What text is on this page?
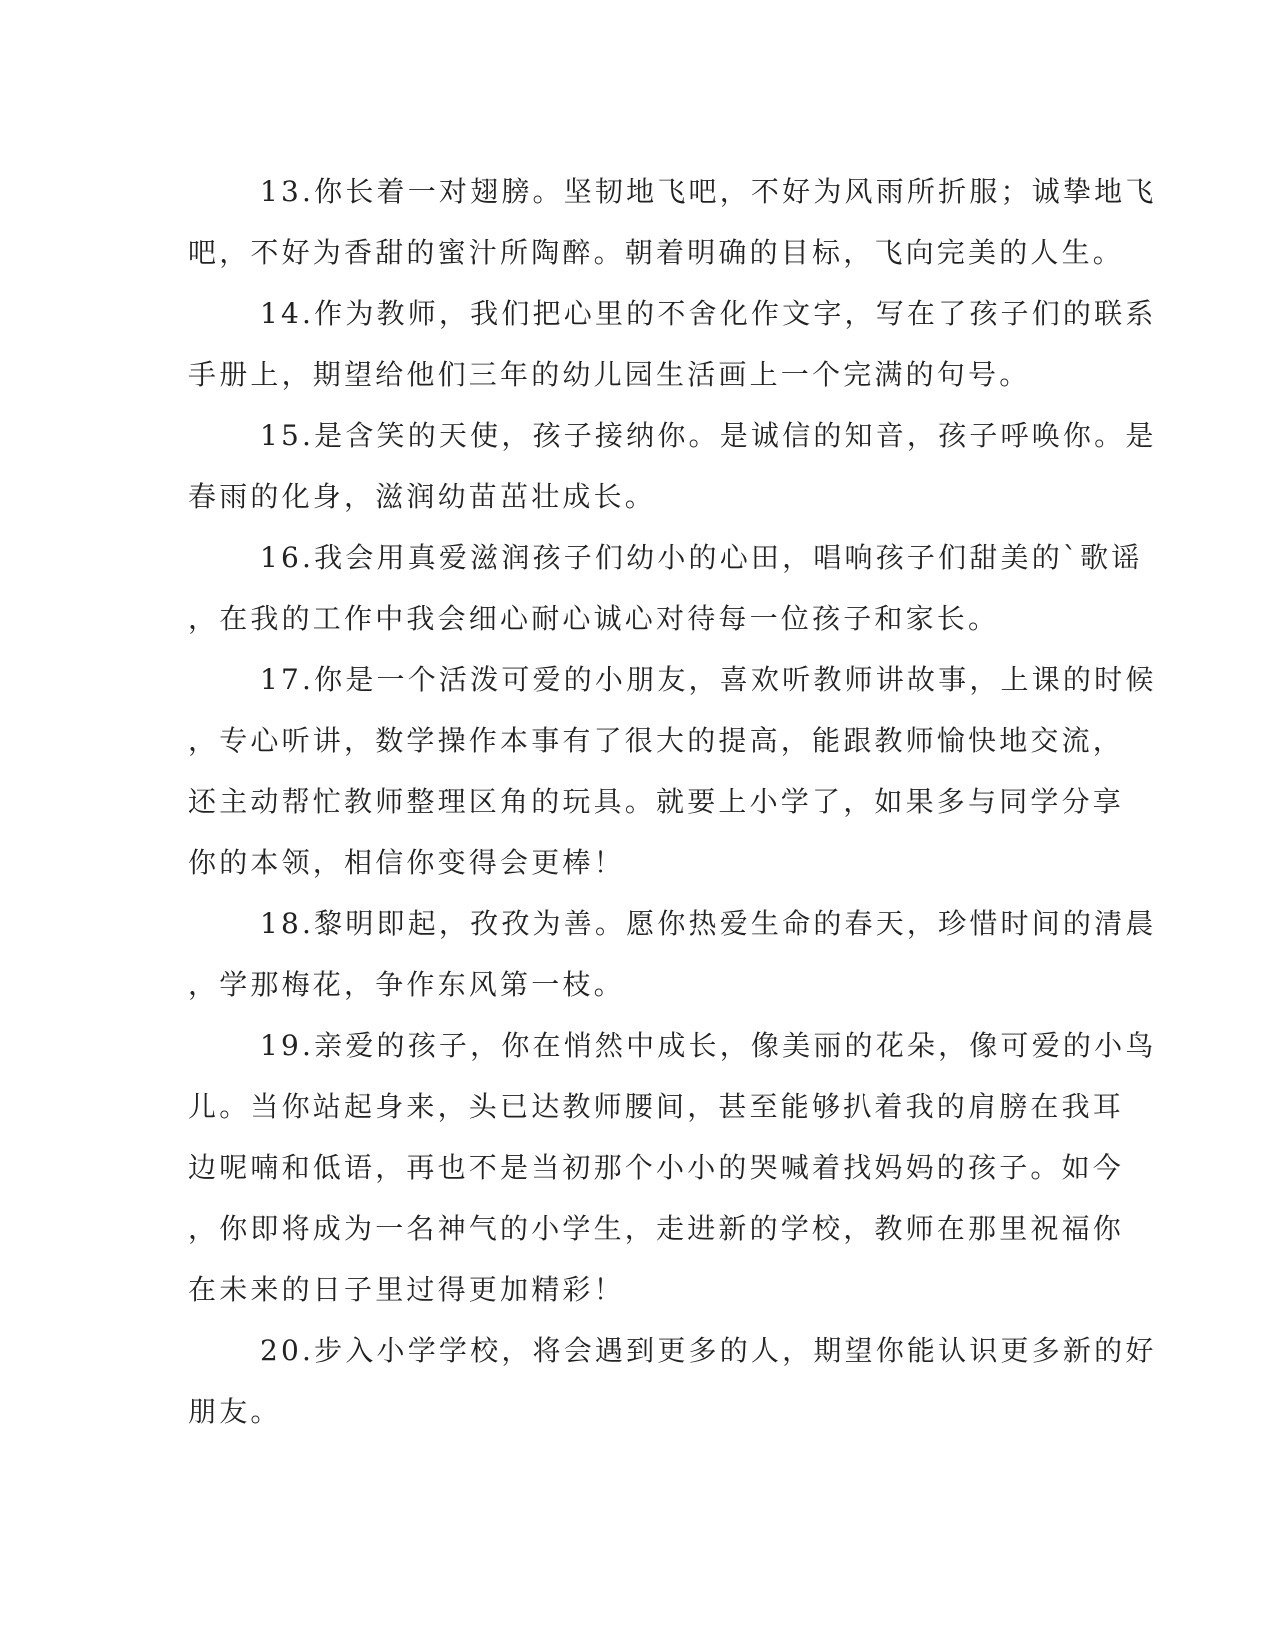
13.你长着一对翅膀。坚韧地飞吧，不好为风雨所折服；诚挚地飞
吧，不好为香甜的蜜汁所陶醉。朝着明确的目标，飞向完美的人生。
14.作为教师，我们把心里的不舍化作文字，写在了孩子们的联系
手册上，期望给他们三年的幼儿园生活画上一个完满的句号。
15.是含笑的天使，孩子接纳你。是诚信的知音，孩子呼唤你。是
春雨的化身，滋润幼苗茁壮成长。
16.我会用真爱滋润孩子们幼小的心田，唱响孩子们甜美的`歌谣
，在我的工作中我会细心耐心诚心对待每一位孩子和家长。
17.你是一个活泼可爱的小朋友，喜欢听教师讲故事，上课的时候
，专心听讲，数学操作本事有了很大的提高，能跟教师愉快地交流，
还主动帮忙教师整理区角的玩具。就要上小学了，如果多与同学分享
你的本领，相信你变得会更棒！
18.黎明即起，孜孜为善。愿你热爱生命的春天，珍惜时间的清晨
，学那梅花，争作东风第一枝。
19.亲爱的孩子，你在悄然中成长，像美丽的花朵，像可爱的小鸟
儿。当你站起身来，头已达教师腰间，甚至能够扒着我的肩膀在我耳
边呢喃和低语，再也不是当初那个小小的哭喊着找妈妈的孩子。如今
，你即将成为一名神气的小学生，走进新的学校，教师在那里祝福你
在未来的日子里过得更加精彩！
20.步入小学学校，将会遇到更多的人，期望你能认识更多新的好
朋友。
